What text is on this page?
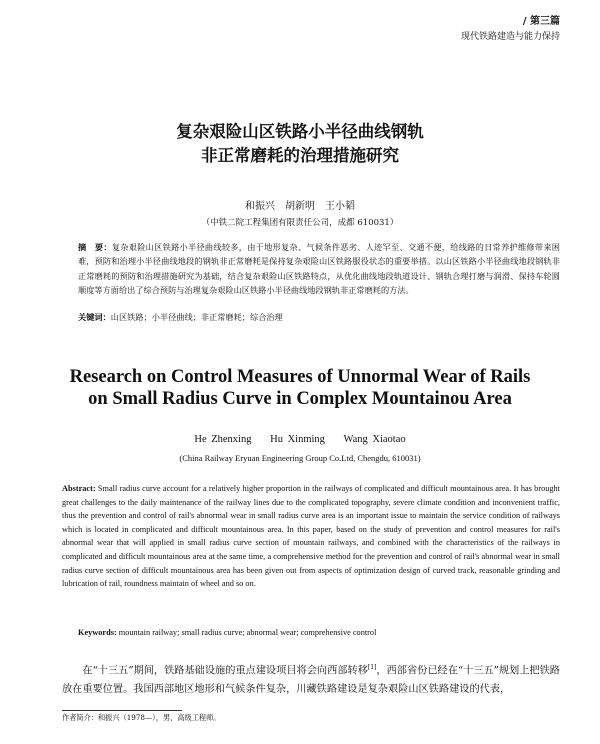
/ 第三篇
现代铁路建造与能力保持
复杂艰险山区铁路小半径曲线钢轨
非正常磨耗的治理措施研究
和振兴　胡新明　王小韬
（中铁二院工程集团有限责任公司，成都 610031）
摘　要：复杂艰险山区铁路小半径曲线较多，由于地形复杂、气候条件恶劣、人迹罕至、交通不便，给线路的日常养护维修带来困难，预防和治理小半径曲线地段的钢轨非正常磨耗是保持复杂艰险山区铁路服役状态的重要举措。以山区铁路小半径曲线地段钢轨非正常磨耗的预防和治理措施研究为基础，结合复杂艰险山区铁路特点，从优化曲线地段轨道设计、钢轨合理打磨与润滑、保持车轮圆顺度等方面给出了综合预防与治理复杂艰险山区铁路小半径曲线地段钢轨非正常磨耗的方法。
关键词：山区铁路；小半径曲线；非正常磨耗；综合治理
Research on Control Measures of Unnormal Wear of Rails
on Small Radius Curve in Complex Mountainou Area
He Zhenxing Hu Xinming Wang Xiaotao
(China Railway Eryuan Engineering Group Co.Ltd, Chengdu, 610031)
Abstract: Small radius curve account for a relatively higher proportion in the railways of complicated and difficult mountainous area. It has brought great challenges to the daily maintenance of the railway lines due to the complicated topography, severe climate condition and inconvenient traffic, thus the prevention and control of rail's abnormal wear in small radius curve area is an important issue to maintain the service condition of railways which is located in complicated and difficult mountainous area. In this paper, based on the study of prevention and control measures for rail's abnormal wear that will applied in small radius curve section of mountain railways, and combined with the characteristics of the railways in complicated and difficult mountainous area at the same time, a comprehensive method for the prevention and control of rail's abnormal wear in small radius curve section of difficult mountainous area has been given out from aspects of optimization design of curved track, reasonable grinding and lubrication of rail, roundness maintain of wheel and so on.
Keywords: mountain railway; small radius curve; abnormal wear; comprehensive control
在“十三五”期间，铁路基础设施的重点建设项目将会向西部转移[1]，西部省份已经在“十三五”规划上把铁路放在重要位置。我国西部地区地形和气候条件复杂，川藏铁路建设是复杂艰险山区铁路建设的代表，
作者简介：和振兴（1978—），男，高级工程师。
